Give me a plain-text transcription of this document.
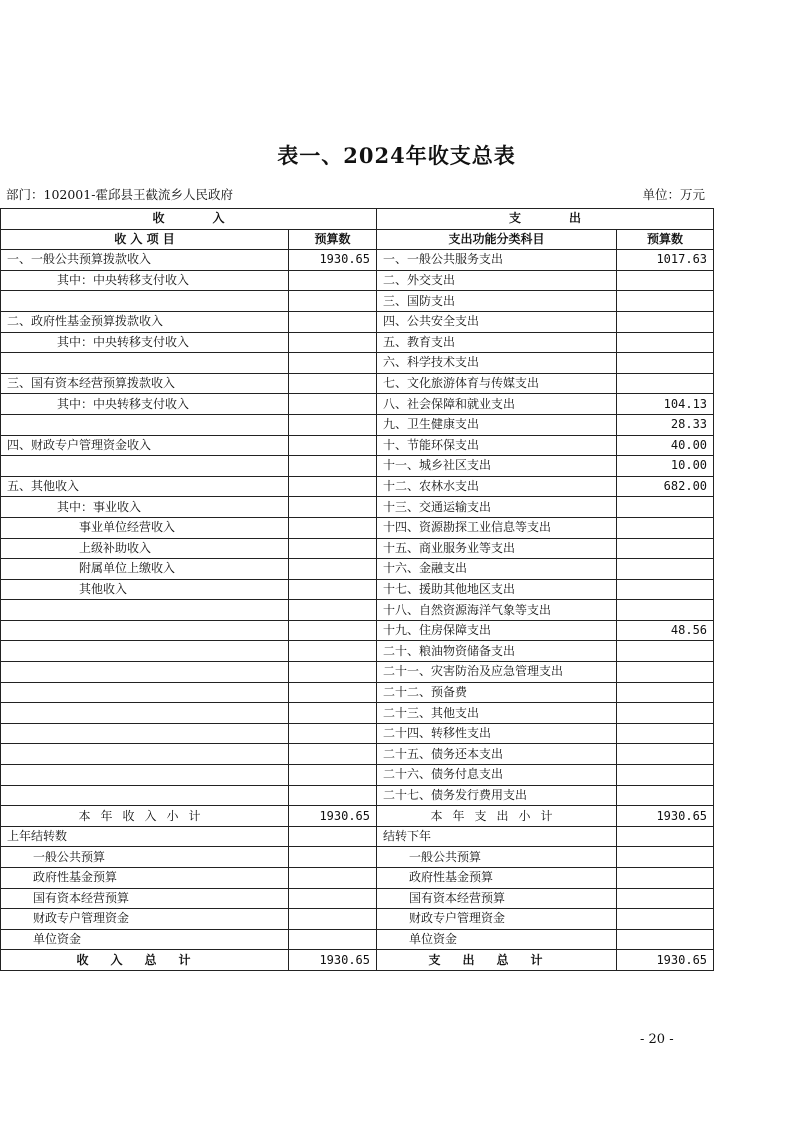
表一、2024年收支总表
部门：102001-霍邱县王截流乡人民政府	单位：万元
收　　　　入		支　　　　出	
收 入 项 目	预算数	支出功能分类科目	预算数
一、一般公共预算拨款收入	1930.65	一、一般公共服务支出	1017.63
其中：中央转移支付收入		二、外交支出	
		三、国防支出	
二、政府性基金预算拨款收入		四、公共安全支出	
其中：中央转移支付收入		五、教育支出	
		六、科学技术支出	
三、国有资本经营预算拨款收入		七、文化旅游体育与传媒支出	
其中：中央转移支付收入		八、社会保障和就业支出	104.13
		九、卫生健康支出	28.33
四、财政专户管理资金收入		十、节能环保支出	40.00
		十一、城乡社区支出	10.00
五、其他收入		十二、农林水支出	682.00
其中：事业收入		十三、交通运输支出	
事业单位经营收入		十四、资源勘探工业信息等支出	
上级补助收入		十五、商业服务业等支出	
附属单位上缴收入		十六、金融支出	
其他收入		十七、援助其他地区支出	
		十八、自然资源海洋气象等支出	
		十九、住房保障支出	48.56
		二十、粮油物资储备支出	
		二十一、灾害防治及应急管理支出	
		二十二、预备费	
		二十三、其他支出	
		二十四、转移性支出	
		二十五、债务还本支出	
		二十六、债务付息支出	
		二十七、债务发行费用支出	
本年收入小计	1930.65	本年支出小计	1930.65
上年结转数		结转下年	
一般公共预算		一般公共预算	
政府性基金预算		政府性基金预算	
国有资本经营预算		国有资本经营预算	
财政专户管理资金		财政专户管理资金	
单位资金		单位资金	
收入总计	1930.65	支出总计	1930.65
- 20 -
